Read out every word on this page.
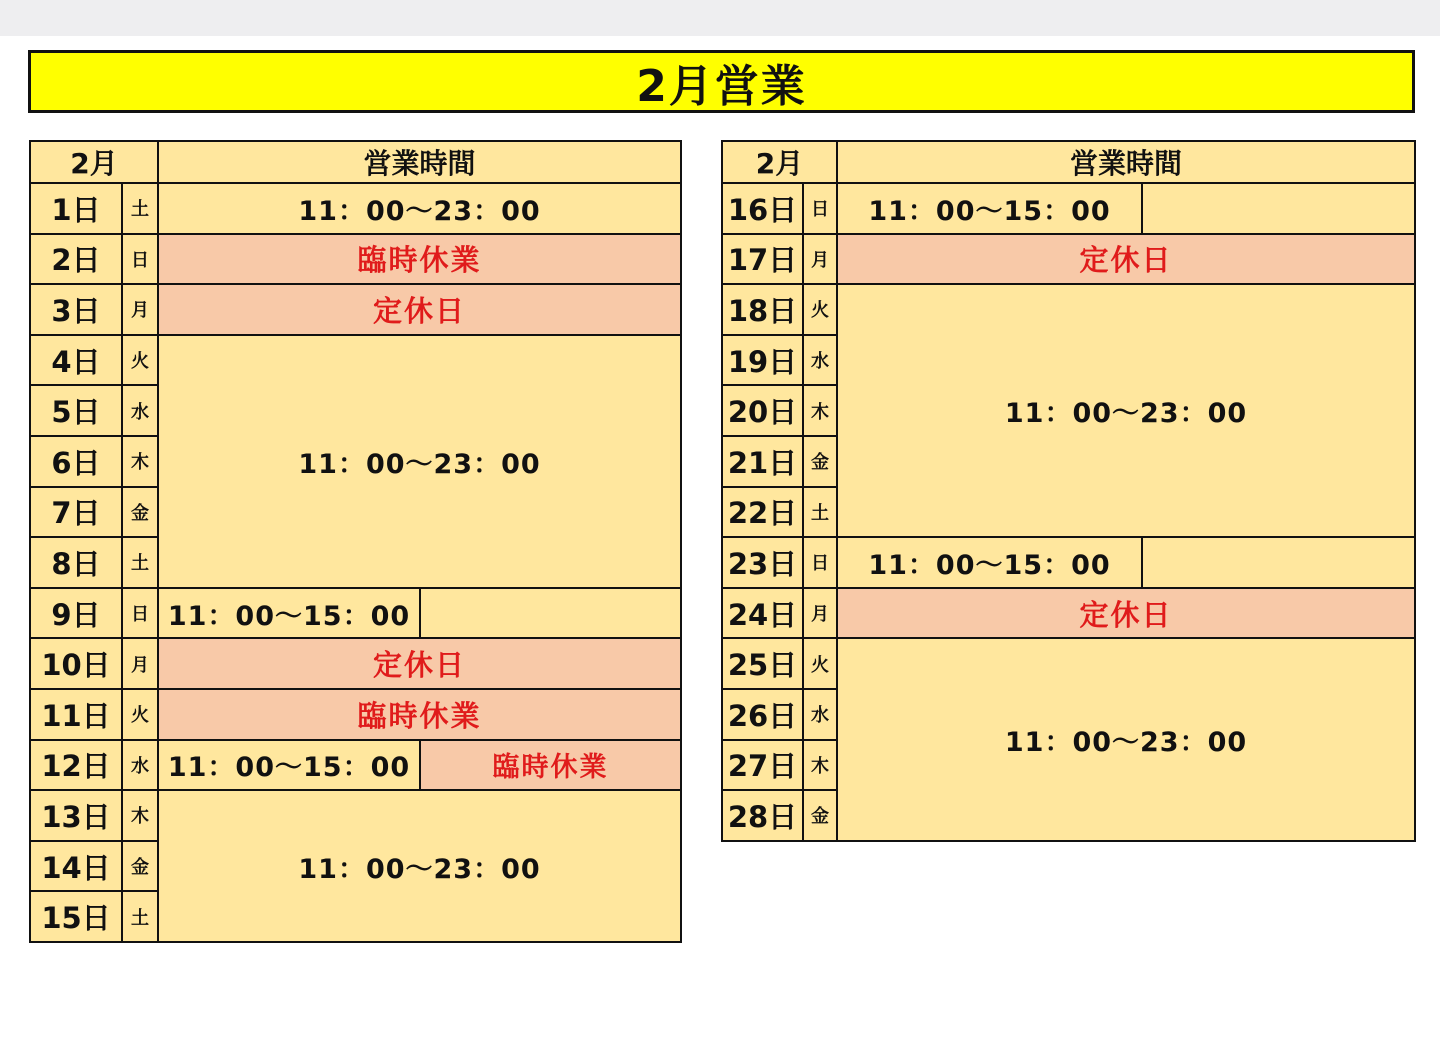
2月営業
2月		営業時間	
1日	土	11：00～23：00	
2日	日	臨時休業	
3日	月	定休日	
4日	火	11：00～23：00	
5日	水		
6日	木		
7日	金		
8日	土		
9日	日	11：00～15：00	
10日	月	定休日	
11日	火	臨時休業	
12日	水	11：00～15：00	臨時休業
13日	木	11：00～23：00	
14日	金		
15日	土		
2月		営業時間	
16日	日	11：00～15：00	
17日	月	定休日	
18日	火	11：00～23：00	
19日	水		
20日	木		
21日	金		
22日	土		
23日	日	11：00～15：00	
24日	月	定休日	
25日	火	11：00～23：00	
26日	水		
27日	木		
28日	金		
